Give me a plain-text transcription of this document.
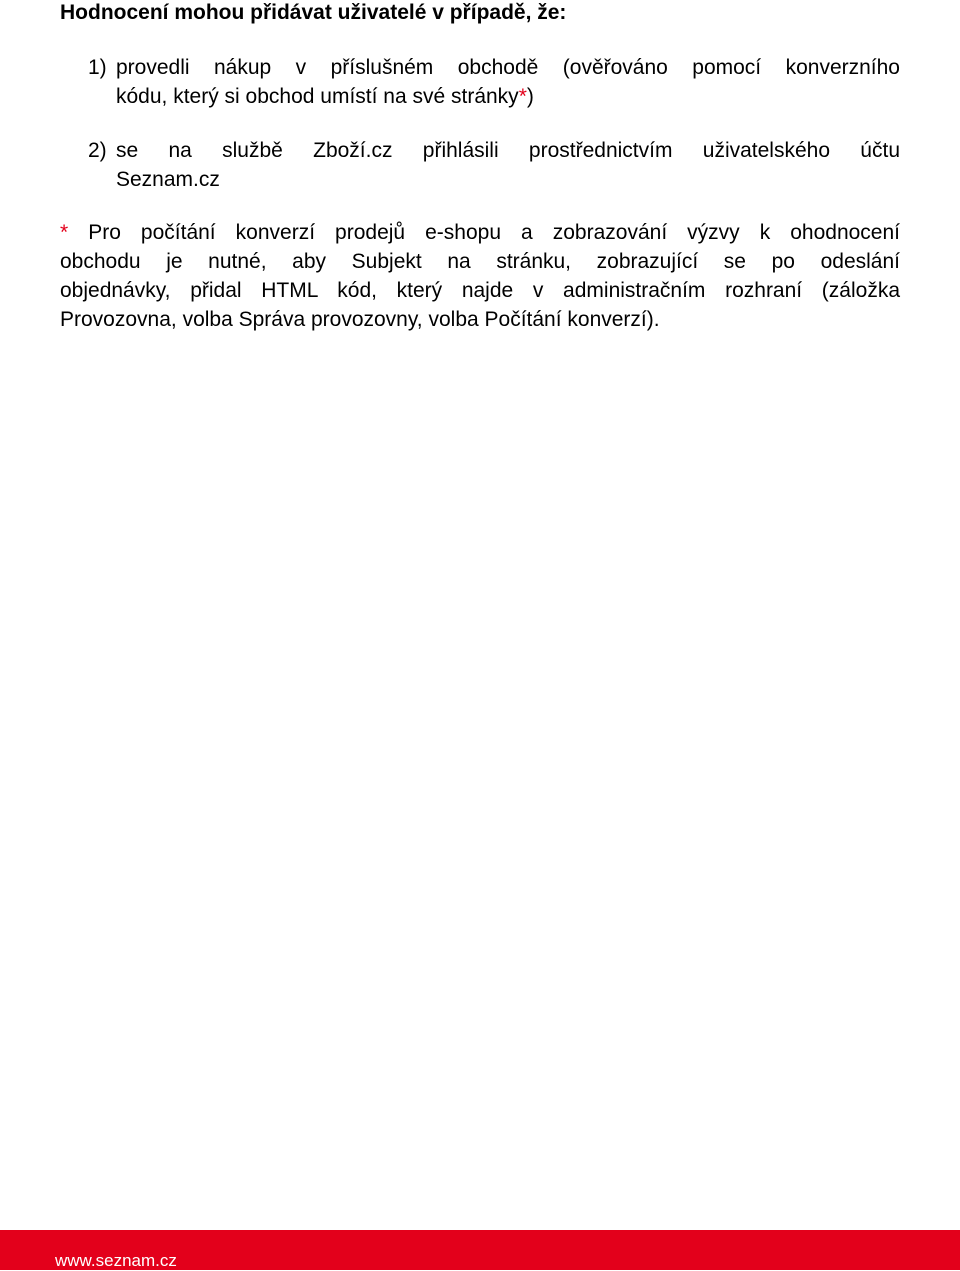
Hodnocení mohou přidávat uživatelé v případě, že:
1) provedli nákup v příslušném obchodě (ověřováno pomocí konverzního
kódu, který si obchod umístí na své stránky*)
2) se na službě Zboží.cz přihlásili prostřednictvím uživatelského účtu
Seznam.cz
* Pro počítání konverzí prodejů e-shopu a zobrazování výzvy k ohodnocení
obchodu je nutné, aby Subjekt na stránku, zobrazující se po odeslání
objednávky, přidal HTML kód, který najde v administračním rozhraní (záložka
Provozovna, volba Správa provozovny, volba Počítání konverzí).
www.seznam.cz
